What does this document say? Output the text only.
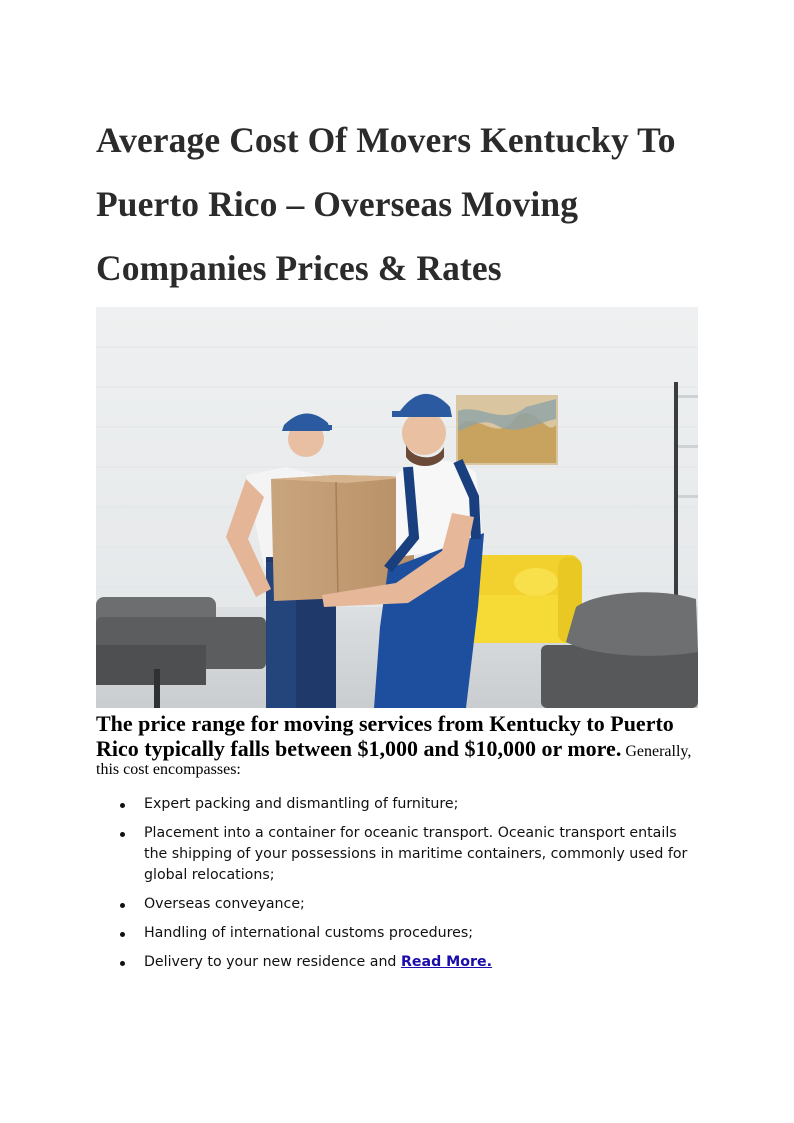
Average Cost Of Movers Kentucky To Puerto Rico – Overseas Moving Companies Prices & Rates

The price range for moving services from Kentucky to Puerto Rico typically falls between $1,000 and $10,000 or more. Generally, this cost encompasses:

Expert packing and dismantling of furniture;
Placement into a container for oceanic transport. Oceanic transport entails the shipping of your possessions in maritime containers, commonly used for global relocations;
Overseas conveyance;
Handling of international customs procedures;
Delivery to your new residence and Read More.
